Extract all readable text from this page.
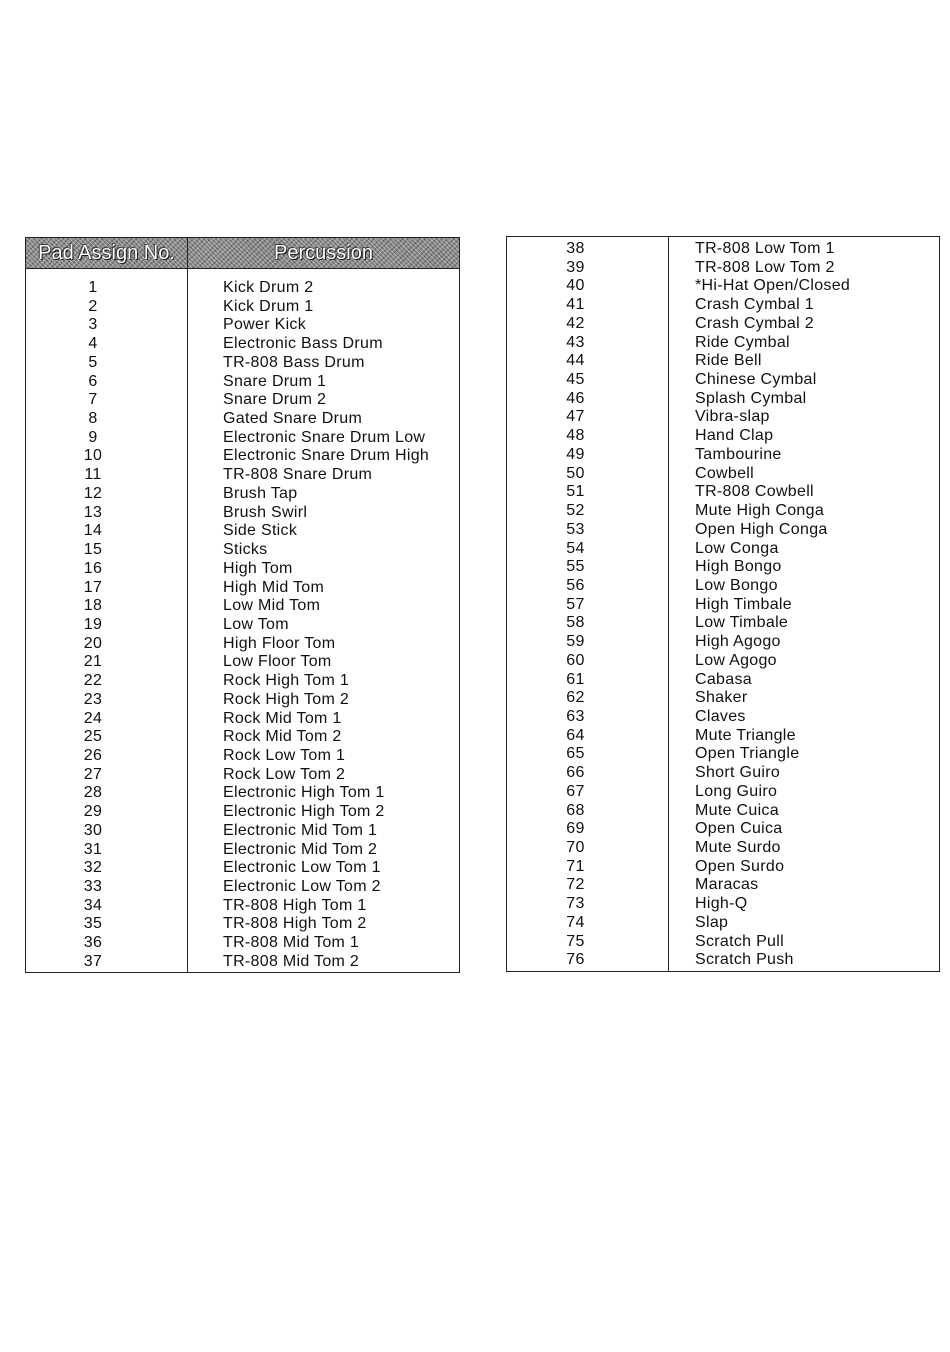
Pad Assign No.	Percussion
1	Kick Drum 2
2	Kick Drum 1
3	Power Kick
4	Electronic Bass Drum
5	TR-808 Bass Drum
6	Snare Drum 1
7	Snare Drum 2
8	Gated Snare Drum
9	Electronic Snare Drum Low
10	Electronic Snare Drum High
11	TR-808 Snare Drum
12	Brush Tap
13	Brush Swirl
14	Side Stick
15	Sticks
16	High Tom
17	High Mid Tom
18	Low Mid Tom
19	Low Tom
20	High Floor Tom
21	Low Floor Tom
22	Rock High Tom 1
23	Rock High Tom 2
24	Rock Mid Tom 1
25	Rock Mid Tom 2
26	Rock Low Tom 1
27	Rock Low Tom 2
28	Electronic High Tom 1
29	Electronic High Tom 2
30	Electronic Mid Tom 1
31	Electronic Mid Tom 2
32	Electronic Low Tom 1
33	Electronic Low Tom 2
34	TR-808 High Tom 1
35	TR-808 High Tom 2
36	TR-808 Mid Tom 1
37	TR-808 Mid Tom 2
38	TR-808 Low Tom 1
39	TR-808 Low Tom 2
40	*Hi-Hat Open/Closed
41	Crash Cymbal 1
42	Crash Cymbal 2
43	Ride Cymbal
44	Ride Bell
45	Chinese Cymbal
46	Splash Cymbal
47	Vibra-slap
48	Hand Clap
49	Tambourine
50	Cowbell
51	TR-808 Cowbell
52	Mute High Conga
53	Open High Conga
54	Low Conga
55	High Bongo
56	Low Bongo
57	High Timbale
58	Low Timbale
59	High Agogo
60	Low Agogo
61	Cabasa
62	Shaker
63	Claves
64	Mute Triangle
65	Open Triangle
66	Short Guiro
67	Long Guiro
68	Mute Cuica
69	Open Cuica
70	Mute Surdo
71	Open Surdo
72	Maracas
73	High-Q
74	Slap
75	Scratch Pull
76	Scratch Push
